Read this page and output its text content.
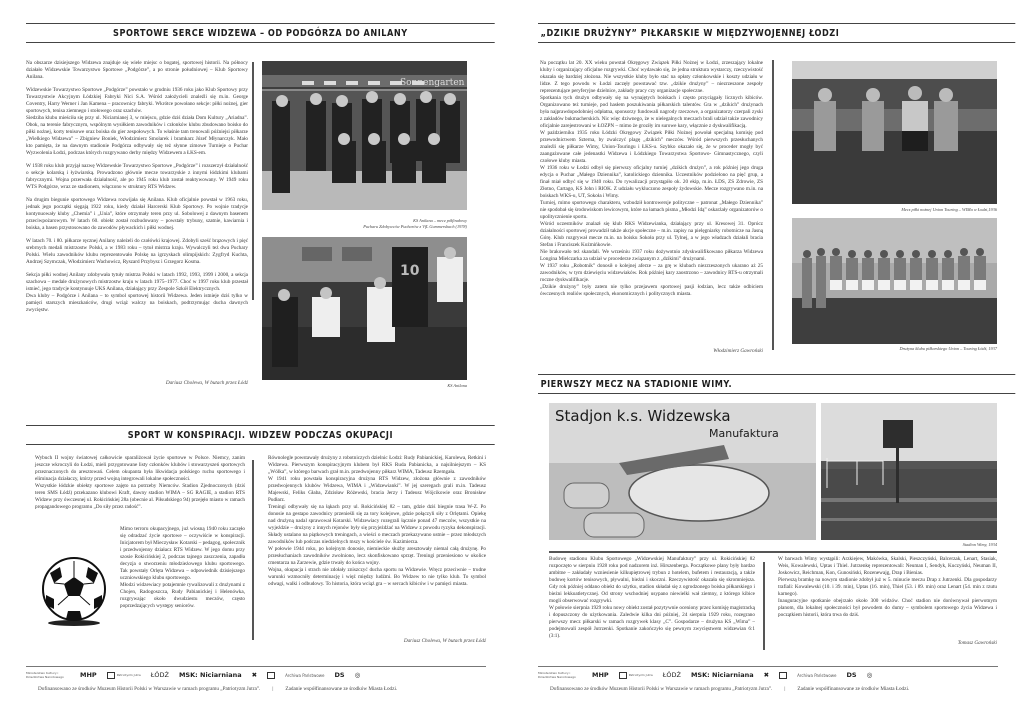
SPORTOWE SERCE WIDZEWA – OD PODGÓRZA DO ANILANY

Na obszarze dzisiejszego Widzewa znajduje się wiele miejsc o bogatej, sportowej historii. Na północy działało Widzewskie Towarzystwo Sportowe „Podgórze”, a po stronie południowej – Klub Sportowy Anilana.

Widzewskie Towarzystwo Sportowe „Podgórze” powstało w grudniu 1936 roku jako Klub Sportowy przy Towarzystwie Akcyjnym Łódzkiej Fabryki Nici S.A. Wśród założycieli znaleźli się m.in. George Coventry, Harry Werner i Jan Kamena – pracownicy fabryki. Wkrótce powołano sekcje: piłki nożnej, gier sportowych, tenisa ziemnego i stołowego oraz szachów.

Siedziba klubu mieściła się przy ul. Niciarnianej 3, w miejscu, gdzie dziś działa Dom Kultury „Ariadna”. Obok, na terenie fabrycznym, wspólnym wysiłkiem zawodników i członków klubu zbudowano boisko do piłki nożnej, korty tenisowe oraz boiska do gier zespołowych. To właśnie tam trenowali późniejsi piłkarze „Wielkiego Widzewa” – Zbigniew Boniek, Włodzimierz Smolarek i bramkarz Józef Młynarczyk. Mało kto pamięta, że na dawnym stadionie Podgórza odbywały się też słynne zimowe Turnieje o Puchar Wyzwolenia Łodzi, podczas których rozgrywano derby między Widzewem a ŁKS-em.

W 1938 roku klub przyjął nazwę Widzewskie Towarzystwo Sportowe „Podgórze” i rozszerzył działalność o sekcje kolarską i łyżwiarską. Prowadzono głównie mecze towarzyskie z innymi łódzkimi klubami fabrycznymi. Wojna przerwała działalność, ale po 1945 roku klub został reaktywowany. W 1949 roku WTS Podgórze, wraz ze stadionem, włączono w struktury RTS Widzew.

Na drugim biegunie sportowego Widzewa rozwijała się Anilana. Klub oficjalnie powstał w 1963 roku, jednak jego początki sięgają 1922 roku, kiedy działał Harcerski Klub Sportowy. Po wojnie tradycje kontynuowały kluby „Chemia” i „Unia”, które otrzymały teren przy ul. Sobolowej z dawnym basenem przeciwpożarowym. W latach 60. obiekt został rozbudowany – powstały trybuny, szatnie, kawiarnia i boiska, a basen przystosowano do zawodów pływackich i piłki wodnej.

W latach 70. i 80. piłkarze ręcznej Anilany należeli do czołówki krajowej. Zdobyli sześć brązowych i pięć srebrnych medali mistrzostw Polski, a w 1983 roku – tytuł mistrza kraju. Wywalczyli też dwa Puchary Polski. Wielu zawodników klubu reprezentowało Polskę na igrzyskach olimpijskich: Zygfryd Kuchta, Andrzej Szymczak, Włodzimierz Wachowicz, Ryszard Przybysz i Grzegorz Kosma.

Sekcja piłki wodnej Anilany zdobywała tytuły mistrza Polski w latach 1992, 1993, 1999 i 2000, a sekcja szachowa – medale drużynowych mistrzostw kraju w latach 1975–1977. Choć w 1997 roku klub przestał istnieć, jego tradycje kontynuuje UKS Anilana, działający przy Zespole Szkół Elektrycznych.

Dwa kluby – Podgórze i Anilana – to symbol sportowej historii Widzewa. Jeden istnieje dziś tylko w pamięci starszych mieszkańców, drugi wciąż walczy na boiskach, podtrzymując ducha dawnych zwycięstw.

Dariusz Cholewa, W butach przez Łódź
Sonnengarten
KS Anilana – mecz półfinałowy
Pucharu Zdobywców Pucharów z VfL Gummersbach (1978)
10
KS Anilana
SPORT W KONSPIRACJI. WIDZEW PODCZAS OKUPACJI

Wybuch II wojny światowej całkowicie sparaliżował życie sportowe w Polsce. Niemcy, zanim jeszcze wkroczyli do Łodzi, mieli przygotowane listy członków klubów i stowarzyszeń sportowych przeznaczonych do aresztowań. Celem okupanta była likwidacja polskiego ruchu sportowego i eliminacja działaczy, którzy przed wojną integrowali lokalne społeczności.

Wszystkie łódzkie obiekty sportowe zajęto na potrzeby Niemców. Stadion Zjednoczonych (dziś teren SMS Łódź) przekazano klubowi Kraft, dawny stadion WIMA – SG RAGIE, a stadion RTS Widzew przy ówczesnej ul. Rokicińskiej 28a (obecnie al. Piłsudskiego 94) przejęło miasto w ramach propagandowego programu „Do siły przez radość”.

Mimo terroru okupacyjnego, już wiosną 1940 roku zaczęło się odradzać życie sportowe – oczywiście w konspiracji. Inicjatorem był Mieczysław Kotarski – pedagog, społecznik i przedwojenny działacz RTS Widzew. W jego domu przy szosie Rokicińskiej 2, podczas tajnego zaszczenia, zapadła decyzja o stworzeniu młodzieżowego klubu sportowego. Tak powstały Orlęta Widzewa – odpowiednik dzisiejszego uczniowskiego klubu sportowego.

Młodzi widzewiacy potajemnie rywalizowali z drużynami z Chojen, Radogoszcza, Rudy Pabianickiej i Helenówka, rozgrywając około dwudziestu meczów, często poprzedzających występy seniorów.

Równolegle powstawały drużyny z robotniczych dzielnic Łodzi: Rudy Pabianickiej, Karolewa, Retkini i Widzewa. Pierwszym konspiracyjnym klubem był RKS Ruda Pabianicka, a najsilniejszym – KS „Wólka”, w którego barwach grał m.in. przedwojenny piłkarz WIMA, Tadeusz Rzemgała.

W 1941 roku powstała konspiracyjna drużyna RTS Widzew, złożona głównie z zawodników przedwojennych klubów Widzewa, WIMA i „Widzewianki”. W jej szeregach grali m.in. Tadeusz Majewski, Feliks Głaba, Zdzisław Różewski, bracia Jerzy i Tadeusz Wójcikowie oraz Bronisław Pudłarz.

Treningi odbywały się na łąkach przy ul. Rokicińskiej 82 – tam, gdzie dziś biegnie trasa W-Z. Po donosie na gestapo zawodnicy przenieśli się za tory kolejowe, gdzie połączyli siły z Orlętami. Opiekę nad drużyną nadal sprawował Kotarski. Widzewiacy rozegrali łącznie ponad 47 meczów, wszystkie na wyjeździe – drużyny z innych rejonów były się przyjeżdżać na Widzew z powodu ryzyka dekonspiracji. Składy ustalano na piątkowych treningach, a wieści o meczach przekazywano ustnie – przez młodszych zawodników lub podczas niedzielnych mszy w kościele św. Kazimierza.

W połowie 1944 roku, po kolejnym donosie, niemieckie służby aresztowały niemal całą drużynę. Po przesłuchaniach zawodników zwolniono, lecz skonfiskowano sprzęt. Treningi przeniesiono w okolice cmentarza na Zarzewie, gdzie trwały do końca wojny.

Wojna, okupacja i strach nie zdołały zniszczyć ducha sportu na Widzewie. Wręcz przeciwnie – trudne warunki wzmocniły determinację i więź między ludźmi. Bo Widzew to nie tylko klub. To symbol odwagi, walki i odbudowy. To historia, która wciąż gra – w sercach kibiców i w pamięci miasta.

Dariusz Cholewa, W butach przez Łódź
Ministerstwo Kultury i Dziedzictwa Narodowego	MHP	Patriotyzm Jutra ŁÓDŹ MSK: Niciarniana ✖	Archiwa Państwowe DS ◎
Dofinansowano ze środków Muzeum Historii Polski w Warszawie w ramach programu „Patriotyzm Jutra”. | Zadanie współfinansowane ze środków Miasta Łodzi.
„DZIKIE DRUŻYNY” PIŁKARSKIE W MIĘDZYWOJENNEJ ŁODZI

Na początku lat 20. XX wieku powstał Okręgowy Związek Piłki Nożnej w Łodzi, zrzeszający lokalne kluby i organizujący oficjalne rozgrywki. Choć wydawało się, że jedna struktura wystarczy, rzeczywistość okazała się bardziej złożona. Nie wszystkie kluby było stać na opłaty członkowskie i koszty udziału w lidze. Z tego powodu w Łodzi zaczęły powstawać tzw. „dzikie drużyny” – niezrzeszone zespoły reprezentujące peryferyjne dzielnice, zakłady pracy czy organizacje społeczne.

Spotkania tych drużyn odbywały się na wynajętych boiskach i często przyciągały licznych kibiców. Organizowano też turnieje, pod hasłem poszukiwania piłkarskich talentów. Gra w „dzikich” drużynach była najprawdopodobniej odpłatna, sponsorzy fundowali nagrody rzeczowe, a organizatorzy czerpali zyski z zakładów bukmacherskich. Nic więc dziwnego, że w nielegalnych meczach brali udział także zawodnicy oficjalnie zarejestrowani w ŁOZPN – mimo że groziły im surowe kary, włącznie z dyskwalifikacją.

W październiku 1935 roku Łódzki Okręgowy Związek Piłki Nożnej powołał specjalną komisję pod przewodnictwem Szterna, by zwalczyć plagę „dzikich” meczów. Wśród pierwszych przesłuchanych znaleźli się piłkarze Wimy, Union-Touringu i ŁKS-u. Szybko okazało się, że w proceder mogły być zaangażowane całe jedenastki Widzewa i Łódzkiego Towarzystwa Sportowo- Gimnastycznego, czyli czołowe kluby miasta.

W 1936 roku w Łodzi odbył się pierwszy oficjalny turniej „dzikich drużyn”, a rok później jego druga edycja o Puchar „Małego Dziennika”, katolickiego dziennika. Uczestników podzielono na pięć grup, a finał miał odbyć się w 1940 roku. Do rywalizacji przystąpiło ok. 20 ekip, m.in. ŁDS, ZS Zdrowie, ZS Złotno, Cartago, KS John i RIOK. Z udziału wykluczono zespoły żydowskie. Mecze rozgrywano m.in. na boiskach WKS-u, UT, Sokoła i Wimy.

Turniej, mimo sportowego charakteru, wzbudził kontrowersje polityczne – patronat „Małego Dziennika” nie spodobał się środowiskom lewicowym, które na łamach pisma „Młodzi Idą” oskarżały organizatorów o upolitycznienie sportu.

Wśród uczestników znalazł się klub RKS Widzewianka, działający przy ul. Kresowej 31. Oprócz działalności sportowej prowadził także akcje społeczne – m.in. zapisy na pielęgniarky robotnicze na Jasną Górę. Klub rozgrywał mecze m.in. na boisku Sokoła przy ul. Tylnej, a w jego władzach działali bracia Stefan i Franciszek Koźmińkowie.

Nie brakowało też skandali. We wrześniu 1937 roku dożywotnio zdyskwalifikowano piłkarza Widzewa Longina Mielczarka za udział w procederze związanym z „dzikimi” drużynami.

W 1937 roku „Robotnik” donosił o kolejnej aferze – za grę w klubach niezrzeszonych ukarano aż 25 zawodników, w tym dziewięciu widzewiaków. Rok później kary zaostrzono – zawodnicy RTS-u otrzymali roczne dyskwalifikacje.

„Dzikie drużyny” były zatem nie tylko przejawem sportowej pasji łodzian, lecz także odbiciem ówczesnych realiów społecznych, ekonomicznych i politycznych miasta.

Włodzimierz Gawroński
Mecz piłki nożnej Union Touring – WIMa w Łodzi,1936
Drużyna klubu piłkarskiego Union – Touring Łódź, 1937
PIERWSZY MECZ NA STADIONIE WIMY.
Stadjon k.s. Widzewska
Manufaktura
Stadion Wimy, 1934

Budowę stadionu Klubu Sportowego „Widzewskiej Manufaktury” przy ul. Rokicińskiej 82 rozpoczęto w sierpniu 1928 roku pod nadzorem inż. Hirszenberga. Początkowe plany były bardzo ambitne – zakładały wzniesienie kilkupiętrowej trybun z hotelem, bufetem i restauracją, a także budowę kortów tenisowych, pływalni, bieżni i skoczni. Rzeczywistość okazała się skromniejsza. Gdy rok później oddano obiekt do użytku, stadion składał się z ogrodzonego boiska piłkarskiego i bieżni lekkoatletycznej. Od strony wschodniej usypano niewielki wał ziemny, z którego kibice mogli obserwować rozgrywki.

W połowie sierpnia 1929 roku nowy obiekt został pozytywnie oceniony przez komisję magistracką i dopuszczony do użytkowania. Zaledwie kilka dni później, 24 sierpnia 1929 roku, rozegrano pierwszy mecz piłkarski w ramach rozgrywek klasy „C”. Gospodarze – drużyna KS „Wima” – podejmowali zespół Jutrzenki. Spotkanie zakończyło się pewnym zwycięstwem widzewian 6:1 (3:1).

W barwach Wimy wystąpili: Arzkiejew, Makówka, Skalski, Pieszczyński, Balcerzak, Lenart, Stasiak, Weis, Kowalewski, Uptas i Thiel. Jutrzenkę reprezentowali: Neuman I, Sendyk, Kuczyński, Neuman II, Joskowicz, Reichman, Kon, Gunosiński, Rozenewajg, Drap i Bienias.

Pierwszą bramkę na nowym stadionie zdobył już w 5. minucie meczu Drap z Jutrzenki. Dla gospodarzy trafiali: Kowalewski (10. i 39. min), Uptas (16. min), Thiel (53. i 89. min) oraz Lenart (54. min z rzutu karnego).

Inauguracyjne spotkanie obejrzało około 300 widzów. Choć stadion nie dorównywał pierwotnym planom, dla lokalnej społeczności był powodem do dumy – symbolem sportowego życia Widzewa i początkiem historii, która trwa do dziś.

Tomasz Gawroński
Ministerstwo Kultury i Dziedzictwa Narodowego	MHP	Patriotyzm Jutra ŁÓDŹ MSK: Niciarniana ✖	Archiwa Państwowe DS ◎
Dofinansowano ze środków Muzeum Historii Polski w Warszawie w ramach programu „Patriotyzm Jutra”. | Zadanie współfinansowane ze środków Miasta Łodzi.
